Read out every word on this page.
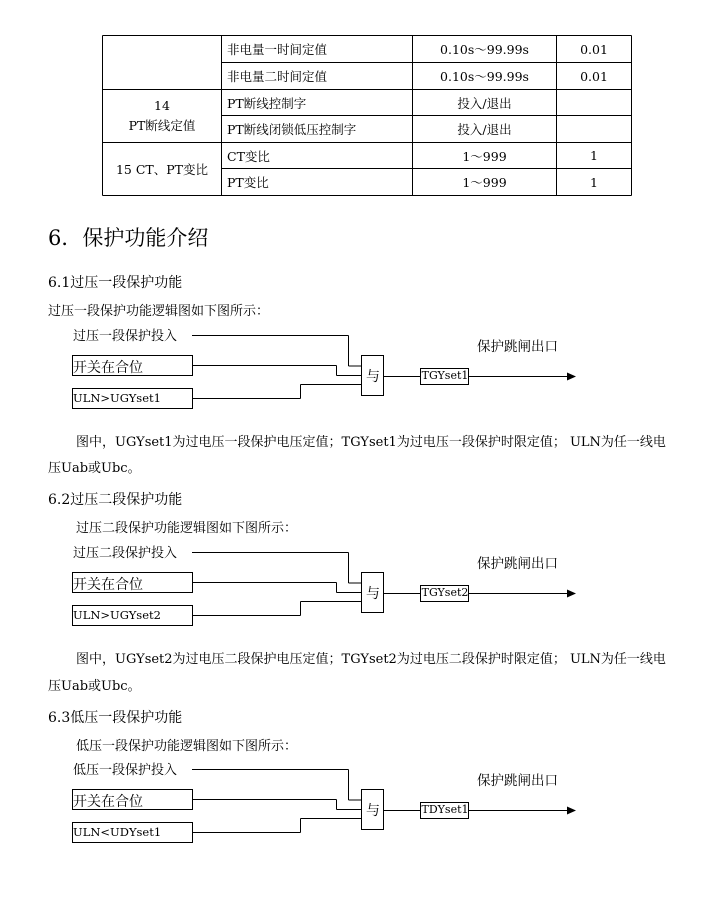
非电量一时间定值	0.10s～99.99s	0.01
非电量二时间定值	0.10s～99.99s	0.01
14
PT断线定值
PT断线控制字	投入/退出
PT断线闭锁低压控制字	投入/退出
15 CT、PT变比
CT变比	1～999	1
PT变比	1～999	1
6．保护功能介绍
6.1过压一段保护功能
过压一段保护功能逻辑图如下图所示：
过压一段保护投入
开关在合位
ULN>UGYset1
与	TGYset1
保护跳闸出口
图中，UGYset1为过电压一段保护电压定值；TGYset1为过电压一段保护时限定值； ULN为任一线电
压Uab或Ubc。
6.2过压二段保护功能
过压二段保护功能逻辑图如下图所示：
过压二段保护投入
开关在合位
ULN>UGYset2
与	TGYset2
保护跳闸出口
图中，UGYset2为过电压二段保护电压定值；TGYset2为过电压二段保护时限定值； ULN为任一线电
压Uab或Ubc。
6.3低压一段保护功能
低压一段保护功能逻辑图如下图所示：
低压一段保护投入
开关在合位
ULN<UDYset1
与	TDYset1
保护跳闸出口
